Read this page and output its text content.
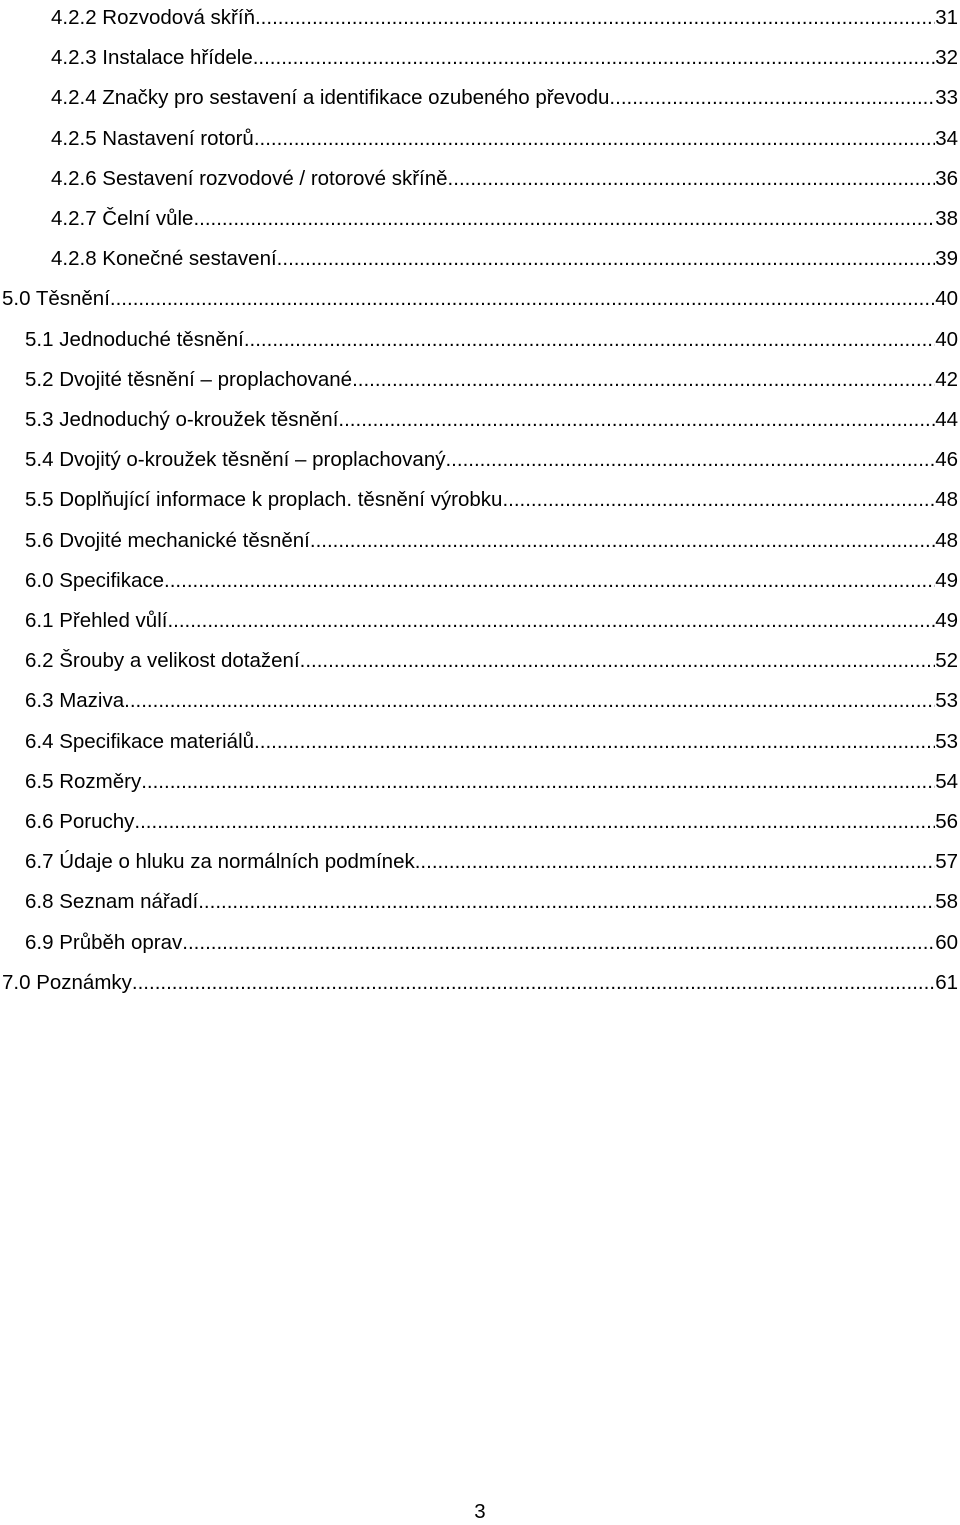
4.2.2 Rozvodová skříň .....	31
4.2.3 Instalace hřídele .....	32
4.2.4 Značky pro sestavení a identifikace ozubeného převodu .....	33
4.2.5 Nastavení rotorů .....	34
4.2.6 Sestavení rozvodové / rotorové skříně .....	36
4.2.7 Čelní vůle .....	38
4.2.8 Konečné sestavení .....	39
5.0 Těsnění .....	40
5.1 Jednoduché těsnění .....	40
5.2 Dvojité těsnění – proplachované .....	42
5.3 Jednoduchý o-kroužek těsnění .....	44
5.4 Dvojitý o-kroužek těsnění – proplachovaný .....	46
5.5 Doplňující informace k proplach. těsnění výrobku .....	48
5.6 Dvojité mechanické těsnění .....	48
6.0 Specifikace .....	49
6.1 Přehled vůlí .....	49
6.2 Šrouby a velikost dotažení .....	52
6.3 Maziva .....	53
6.4 Specifikace materiálů .....	53
6.5 Rozměry .....	54
6.6 Poruchy .....	56
6.7 Údaje o hluku za normálních podmínek .....	57
6.8 Seznam nářadí .....	58
6.9 Průběh oprav .....	60
7.0 Poznámky .....	61
3
